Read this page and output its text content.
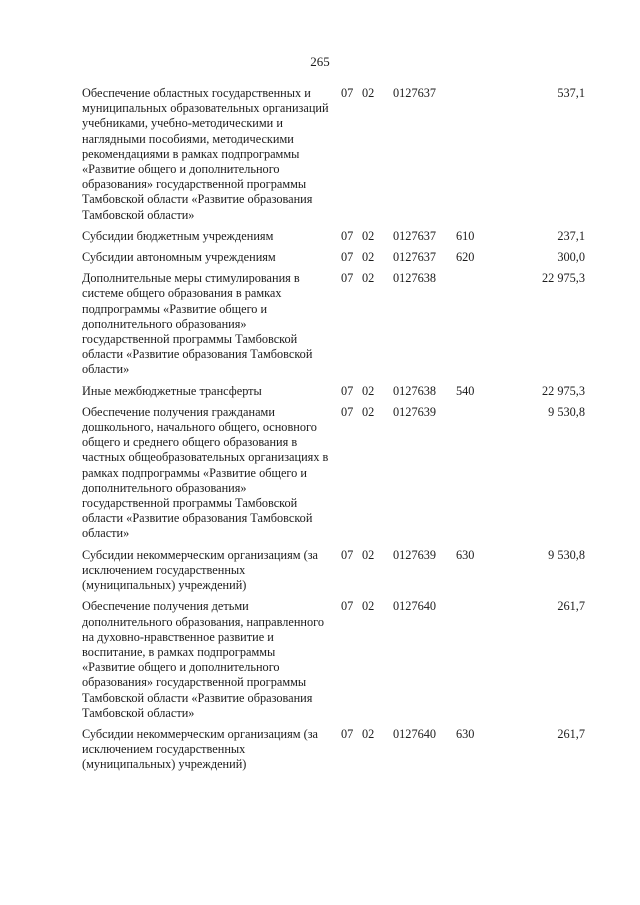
265
Обеспечение областных государственных и муниципальных образовательных организаций учебниками, учебно-методическими и наглядными пособиями, методическими рекомендациями в рамках подпрограммы «Развитие общего и дополнительного образования» государственной программы Тамбовской области «Развитие образования Тамбовской области»	07	02	0127637		537,1
Субсидии бюджетным учреждениям	07	02	0127637	610	237,1
Субсидии автономным учреждениям	07	02	0127637	620	300,0
Дополнительные меры стимулирования в системе общего образования в рамках подпрограммы «Развитие общего и дополнительного образования» государственной программы Тамбовской области «Развитие образования Тамбовской области»	07	02	0127638		22 975,3
Иные межбюджетные трансферты	07	02	0127638	540	22 975,3
Обеспечение получения гражданами дошкольного, начального общего, основного общего и среднего общего образования в частных общеобразовательных организациях в рамках подпрограммы «Развитие общего и дополнительного образования» государственной программы Тамбовской области «Развитие образования Тамбовской области»	07	02	0127639		9 530,8
Субсидии некоммерческим организациям (за исключением государственных (муниципальных) учреждений)	07	02	0127639	630	9 530,8
Обеспечение получения детьми дополнительного образования, направленного на духовно-нравственное развитие и воспитание, в рамках подпрограммы «Развитие общего и дополнительного образования» государственной программы Тамбовской области «Развитие образования Тамбовской области»	07	02	0127640		261,7
Субсидии некоммерческим организациям (за исключением государственных (муниципальных) учреждений)	07	02	0127640	630	261,7
